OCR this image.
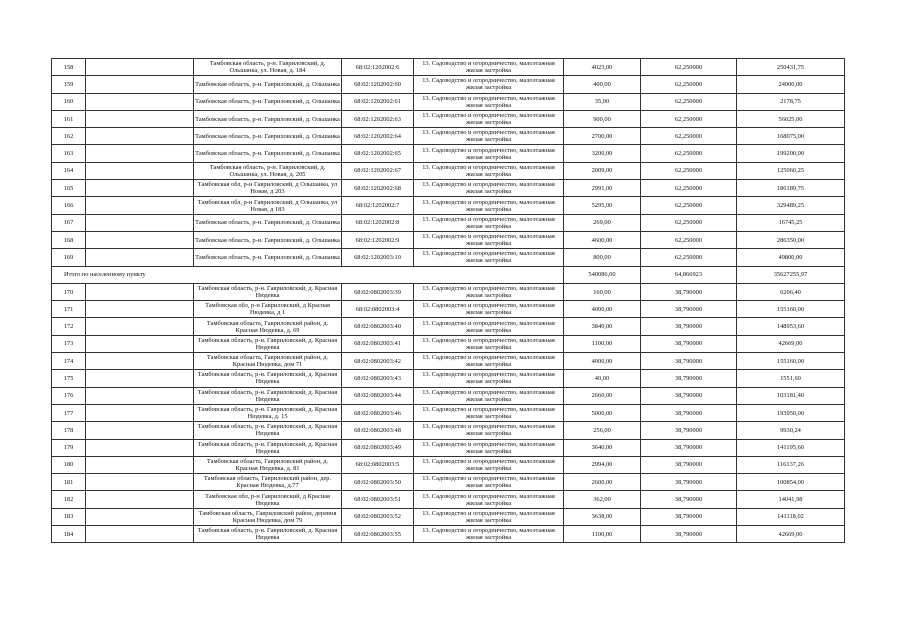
158		Тамбовская область, р-н. Гавриловский, д. Ольшанка, ул. Новая, д. 184	68:02:1202002:6	13. Садоводство и огородничество, малоэтажная жилая застройка	4023,00	62,250000	250431,75
159		Тамбовская область, р-н. Гавриловский, д. Ольшанка	68:02:1202002:60	13. Садоводство и огородничество, малоэтажная жилая застройка	400,00	62,250000	24900,00
160		Тамбовская область, р-н. Гавриловский, д. Ольшанка	68:02:1202002:61	13. Садоводство и огородничество, малоэтажная жилая застройка	35,00	62,250000	2178,75
161		Тамбовская область, р-н. Гавриловский, д. Ольшанка	68:02:1202002:63	13. Садоводство и огородничество, малоэтажная жилая застройка	900,00	62,250000	56025,00
162		Тамбовская область, р-н. Гавриловский, д. Ольшанка	68:02:1202002:64	13. Садоводство и огородничество, малоэтажная жилая застройка	2700,00	62,250000	168075,00
163		Тамбовская область, р-н. Гавриловский, д. Ольшанка	68:02:1202002:65	13. Садоводство и огородничество, малоэтажная жилая застройка	3200,00	62,250000	199200,00
164		Тамбовская область, р-н. Гавриловский, д. Ольшанка, ул. Новая, д. 205	68:02:1202002:67	13. Садоводство и огородничество, малоэтажная жилая застройка	2009,00	62,250000	125060,25
165		Тамбовская обл, р-н Гавриловский, д Ольшанка, ул Новая, д 203	68:02:1202002:68	13. Садоводство и огородничество, малоэтажная жилая застройка	2991,00	62,250000	186189,75
166		Тамбовская обл, р-н Гавриловский, д Ольшанка, ул Новая, д 183	68:02:1202002:7	13. Садоводство и огородничество, малоэтажная жилая застройка	5295,00	62,250000	329489,25
167		Тамбовская область, р-н. Гавриловский, д. Ольшанка	68:02:1202002:8	13. Садоводство и огородничество, малоэтажная жилая застройка	269,00	62,250000	16745,25
168		Тамбовская область, р-н. Гавриловский, д. Ольшанка	68:02:1202002:9	13. Садоводство и огородничество, малоэтажная жилая застройка	4600,00	62,250000	286350,00
169		Тамбовская область, р-н. Гавриловский, д. Ольшанка	68:02:1202003:10	13. Садоводство и огородничество, малоэтажная жилая застройка	800,00	62,250000	49800,00
Итого по населенному пункту					540086,00	64,866923	35627255,97
170		Тамбовская область, р-н. Гавриловский, д. Красная Нюдевка	68:02:0802003:39	13. Садоводство и огородничество, малоэтажная жилая застройка	160,00	38,790000	6206,40
171		Тамбовская обл, р-н Гавриловский, д Красная Нюдевка, д 1	68:02:0802003:4	13. Садоводство и огородничество, малоэтажная жилая застройка	4000,00	38,790000	155160,00
172		Тамбовская область, Гавриловский район, д. Красная Нюдевка, д. 69	68:02:0802003:40	13. Садоводство и огородничество, малоэтажная жилая застройка	3840,00	38,790000	148953,60
173		Тамбовская область, р-н. Гавриловский, д. Красная Нюдевка	68:02:0802003:41	13. Садоводство и огородничество, малоэтажная жилая застройка	1100,00	38,790000	42669,00
174		Тамбовская область, Гавриловский район, д. Красная Нюдевка, дом 71	68:02:0802003:42	13. Садоводство и огородничество, малоэтажная жилая застройка	4000,00	38,790000	155160,00
175		Тамбовская область, р-н. Гавриловский, д. Красная Нюдевка	68:02:0802003:43	13. Садоводство и огородничество, малоэтажная жилая застройка	40,00	38,790000	1551,60
176		Тамбовская область, р-н. Гавриловский, д. Красная Нюдевка	68:02:0802003:44	13. Садоводство и огородничество, малоэтажная жилая застройка	2660,00	38,790000	103181,40
177		Тамбовская область, р-н. Гавриловский, д. Красная Нюдевка, д. 15	68:02:0802003:46	13. Садоводство и огородничество, малоэтажная жилая застройка	5000,00	38,790000	193950,00
178		Тамбовская область, р-н. Гавриловский, д. Красная Нюдевка	68:02:0802003:48	13. Садоводство и огородничество, малоэтажная жилая застройка	256,00	38,790000	9930,24
179		Тамбовская область, р-н. Гавриловский, д. Красная Нюдевка	68:02:0802003:49	13. Садоводство и огородничество, малоэтажная жилая застройка	3640,00	38,790000	141195,60
180		Тамбовская область, Гавриловский район, д. Красная Нюдевка, д. 81	68:02:0802003:5	13. Садоводство и огородничество, малоэтажная жилая застройка	2994,00	38,790000	116137,26
181		Тамбовская область, Гавриловский район, дер. Красная Нюдевка, д.77	68:02:0802003:50	13. Садоводство и огородничество, малоэтажная жилая застройка	2600,00	38,790000	100854,00
182		Тамбовская обл, р-н Гавриловский, д Красная Нюдевка	68:02:0802003:51	13. Садоводство и огородничество, малоэтажная жилая застройка	362,00	38,790000	14041,98
183		Тамбовская область, Гавриловский район, деревня Красная Нюдевка, дом 79	68:02:0802003:52	13. Садоводство и огородничество, малоэтажная жилая застройка	3638,00	38,790000	141118,02
184		Тамбовская область, р-н. Гавриловский, д. Красная Нюдевка	68:02:0802003:55	13. Садоводство и огородничество, малоэтажная жилая застройка	1100,00	38,790000	42669,00
